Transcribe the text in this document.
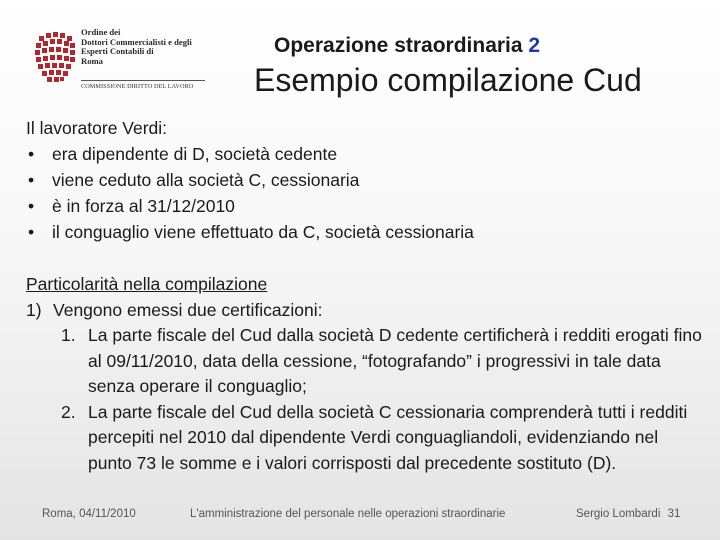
Ordine dei
Dottori Commercialisti e degli
Esperti Contabili di
Roma
COMMISSIONE DIRITTO DEL LAVORO
Operazione straordinaria 2
Esempio compilazione Cud
Il lavoratore Verdi:
• era dipendente di D, società cedente
• viene ceduto alla società C, cessionaria
• è in forza al 31/12/2010
• il conguaglio viene effettuato da C, società cessionaria
Particolarità nella compilazione
1) Vengono emessi due certificazioni:
1. La parte fiscale del Cud dalla società D cedente certificherà i redditi erogati fino al 09/11/2010, data della cessione, “fotografando” i progressivi in tale data senza operare il conguaglio;
2. La parte fiscale del Cud della società C cessionaria comprenderà tutti i redditi percepiti nel 2010 dal dipendente Verdi conguagliandoli, evidenziando nel punto 73 le somme e i valori corrisposti dal precedente sostituto (D).
Roma, 04/11/2010	L'amministrazione del personale nelle operazioni straordinarie	Sergio Lombardi 31
